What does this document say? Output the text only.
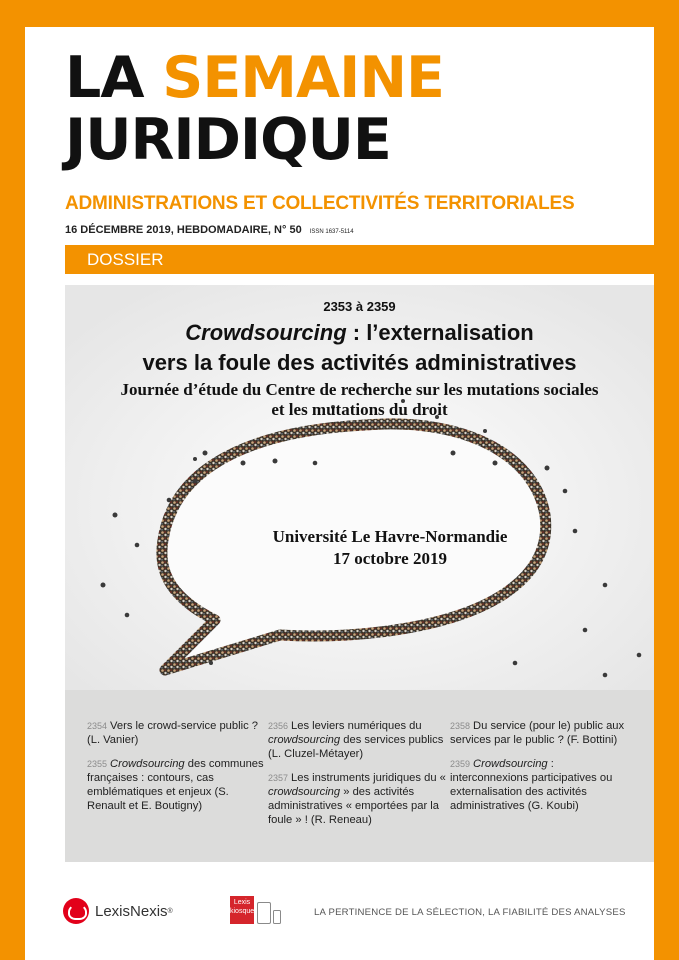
LA SEMAINE
JURIDIQUE
ADMINISTRATIONS ET COLLECTIVITÉS TERRITORIALES
16 DÉCEMBRE 2019, HEBDOMADAIRE, N° 50 ISSN 1637-5114
DOSSIER
2353 à 2359
Crowdsourcing : l’externalisation
vers la foule des activités administratives
Journée d’étude du Centre de recherche sur les mutations sociales
et les mutations du droit
Université Le Havre-Normandie
17 octobre 2019

2354 Vers le crowd-service public ? (L. Vanier)

2355 Crowdsourcing des communes françaises : contours, cas emblématiques et enjeux (S. Renault et E. Boutigny)

2356 Les leviers numériques du crowdsourcing des services publics (L. Cluzel-Métayer)

2357 Les instruments juridiques du « crowdsourcing » des activités administratives « emportées par la foule » ! (R. Reneau)

2358 Du service (pour le) public aux services par le public ? (F. Bottini)

2359 Crowdsourcing : interconnexions participatives ou externalisation des activités administratives (G. Koubi)

LexisNexis ®
Lexis
kiosque	LA PERTINENCE DE LA SÉLECTION, LA FIABILITÉ DES ANALYSES
